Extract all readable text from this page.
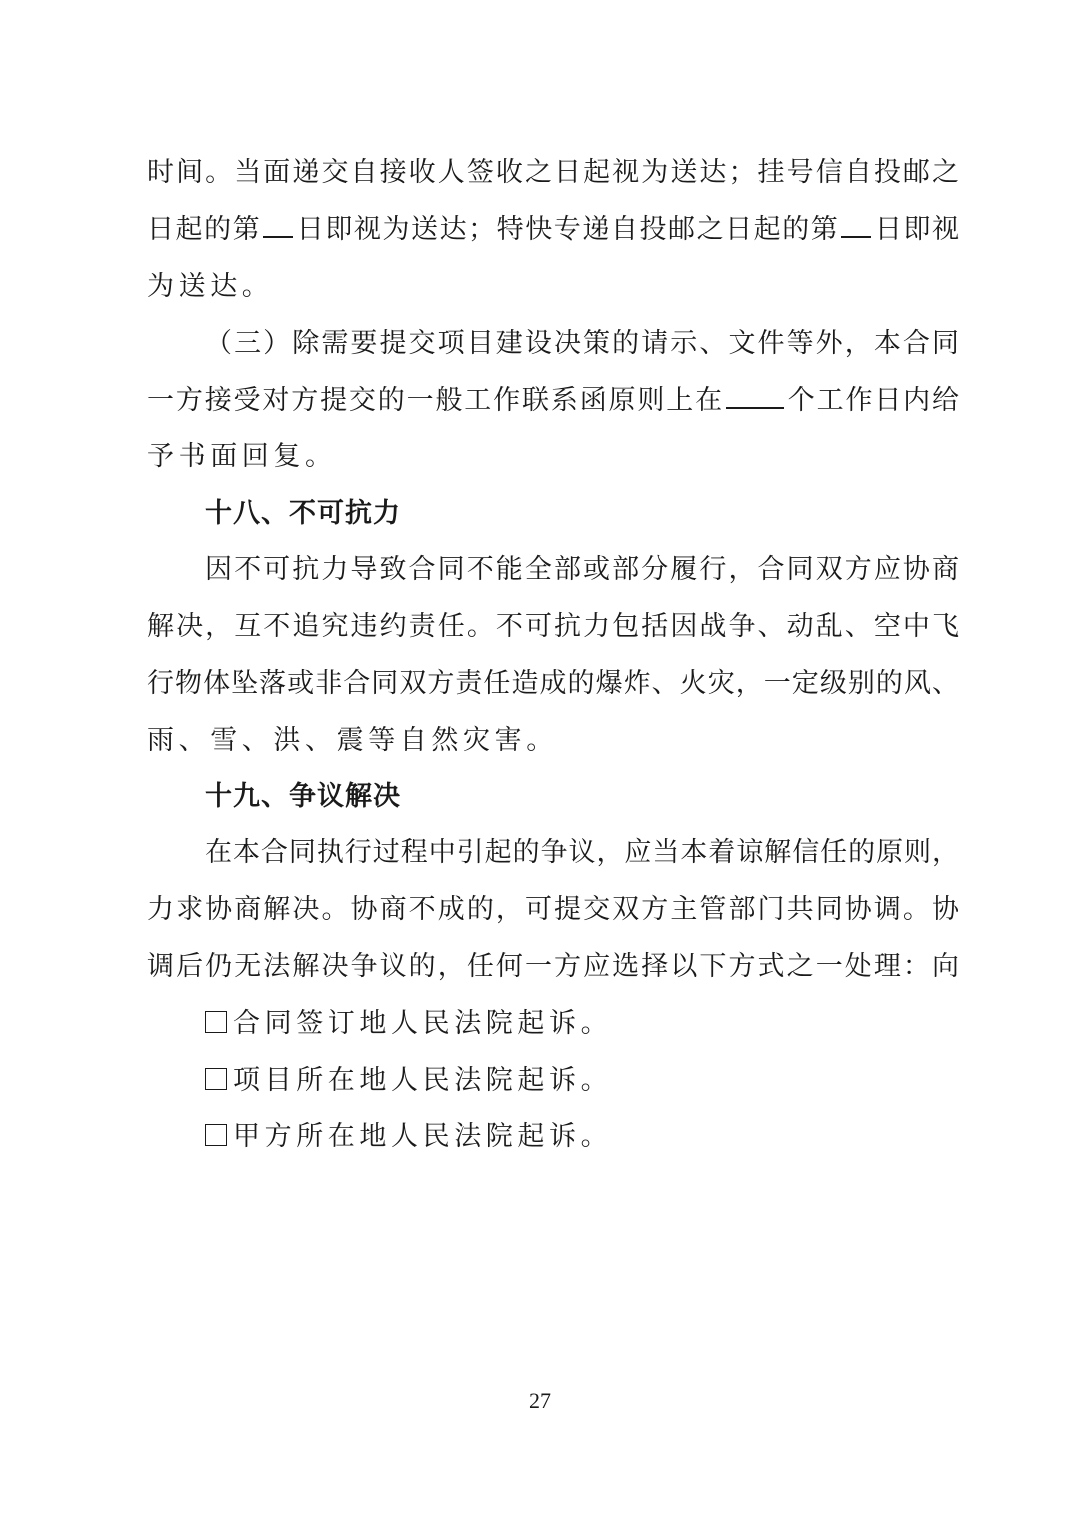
时间。当面递交自接收人签收之日起视为送达；挂号信自投邮之
日起的第 日即视为送达；特快专递自投邮之日起的第 日即视
为送达。
（三）除需要提交项目建设决策的请示、文件等外，本合同
一方接受对方提交的一般工作联系函原则上在 个工作日内给
予书面回复。
十八、不可抗力
因不可抗力导致合同不能全部或部分履行，合同双方应协商
解决，互不追究违约责任。不可抗力包括因战争、动乱、空中飞
行物体坠落或非合同双方责任造成的爆炸、火灾，一定级别的风、
雨、雪、洪、震等自然灾害。
十九、争议解决
在本合同执行过程中引起的争议，应当本着谅解信任的原则，
力求协商解决。协商不成的，可提交双方主管部门共同协调。协
调后仍无法解决争议的，任何一方应选择以下方式之一处理：向
合同签订地人民法院起诉。
项目所在地人民法院起诉。
甲方所在地人民法院起诉。
27
